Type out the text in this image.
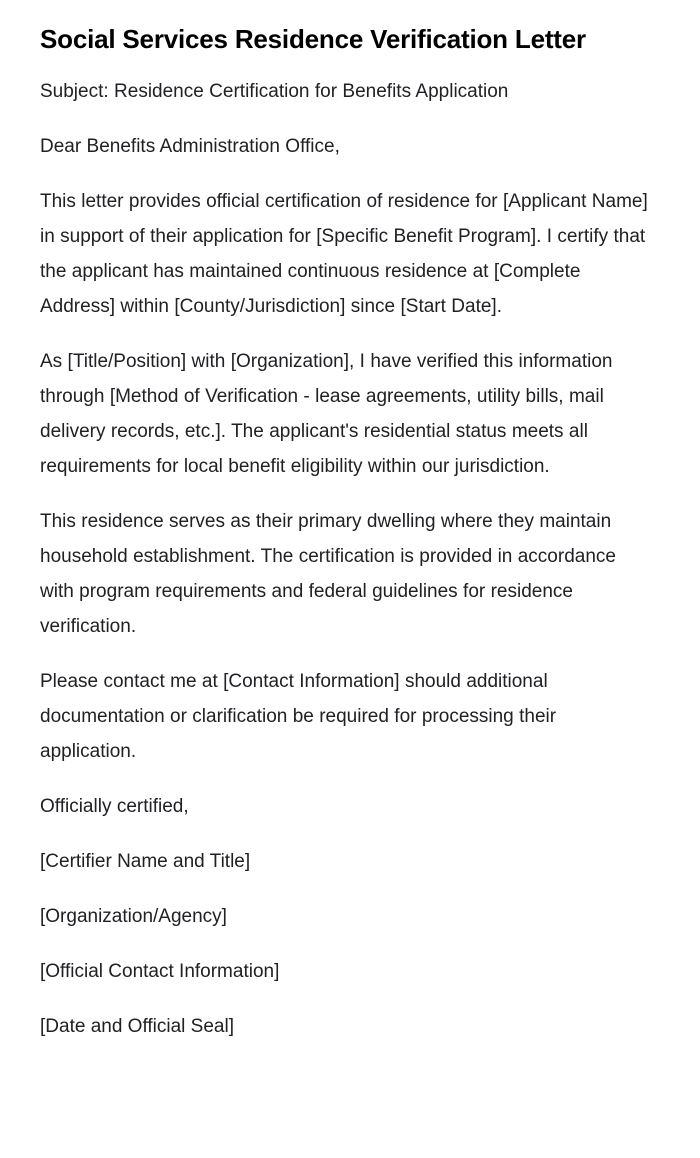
Social Services Residence Verification Letter

Subject: Residence Certification for Benefits Application

Dear Benefits Administration Office,

This letter provides official certification of residence for [Applicant Name] in support of their application for [Specific Benefit Program]. I certify that the applicant has maintained continuous residence at [Complete Address] within [County/Jurisdiction] since [Start Date].

As [Title/Position] with [Organization], I have verified this information through [Method of Verification - lease agreements, utility bills, mail delivery records, etc.]. The applicant's residential status meets all requirements for local benefit eligibility within our jurisdiction.

This residence serves as their primary dwelling where they maintain household establishment. The certification is provided in accordance with program requirements and federal guidelines for residence verification.

Please contact me at [Contact Information] should additional documentation or clarification be required for processing their application.

Officially certified,

[Certifier Name and Title]

[Organization/Agency]

[Official Contact Information]

[Date and Official Seal]
